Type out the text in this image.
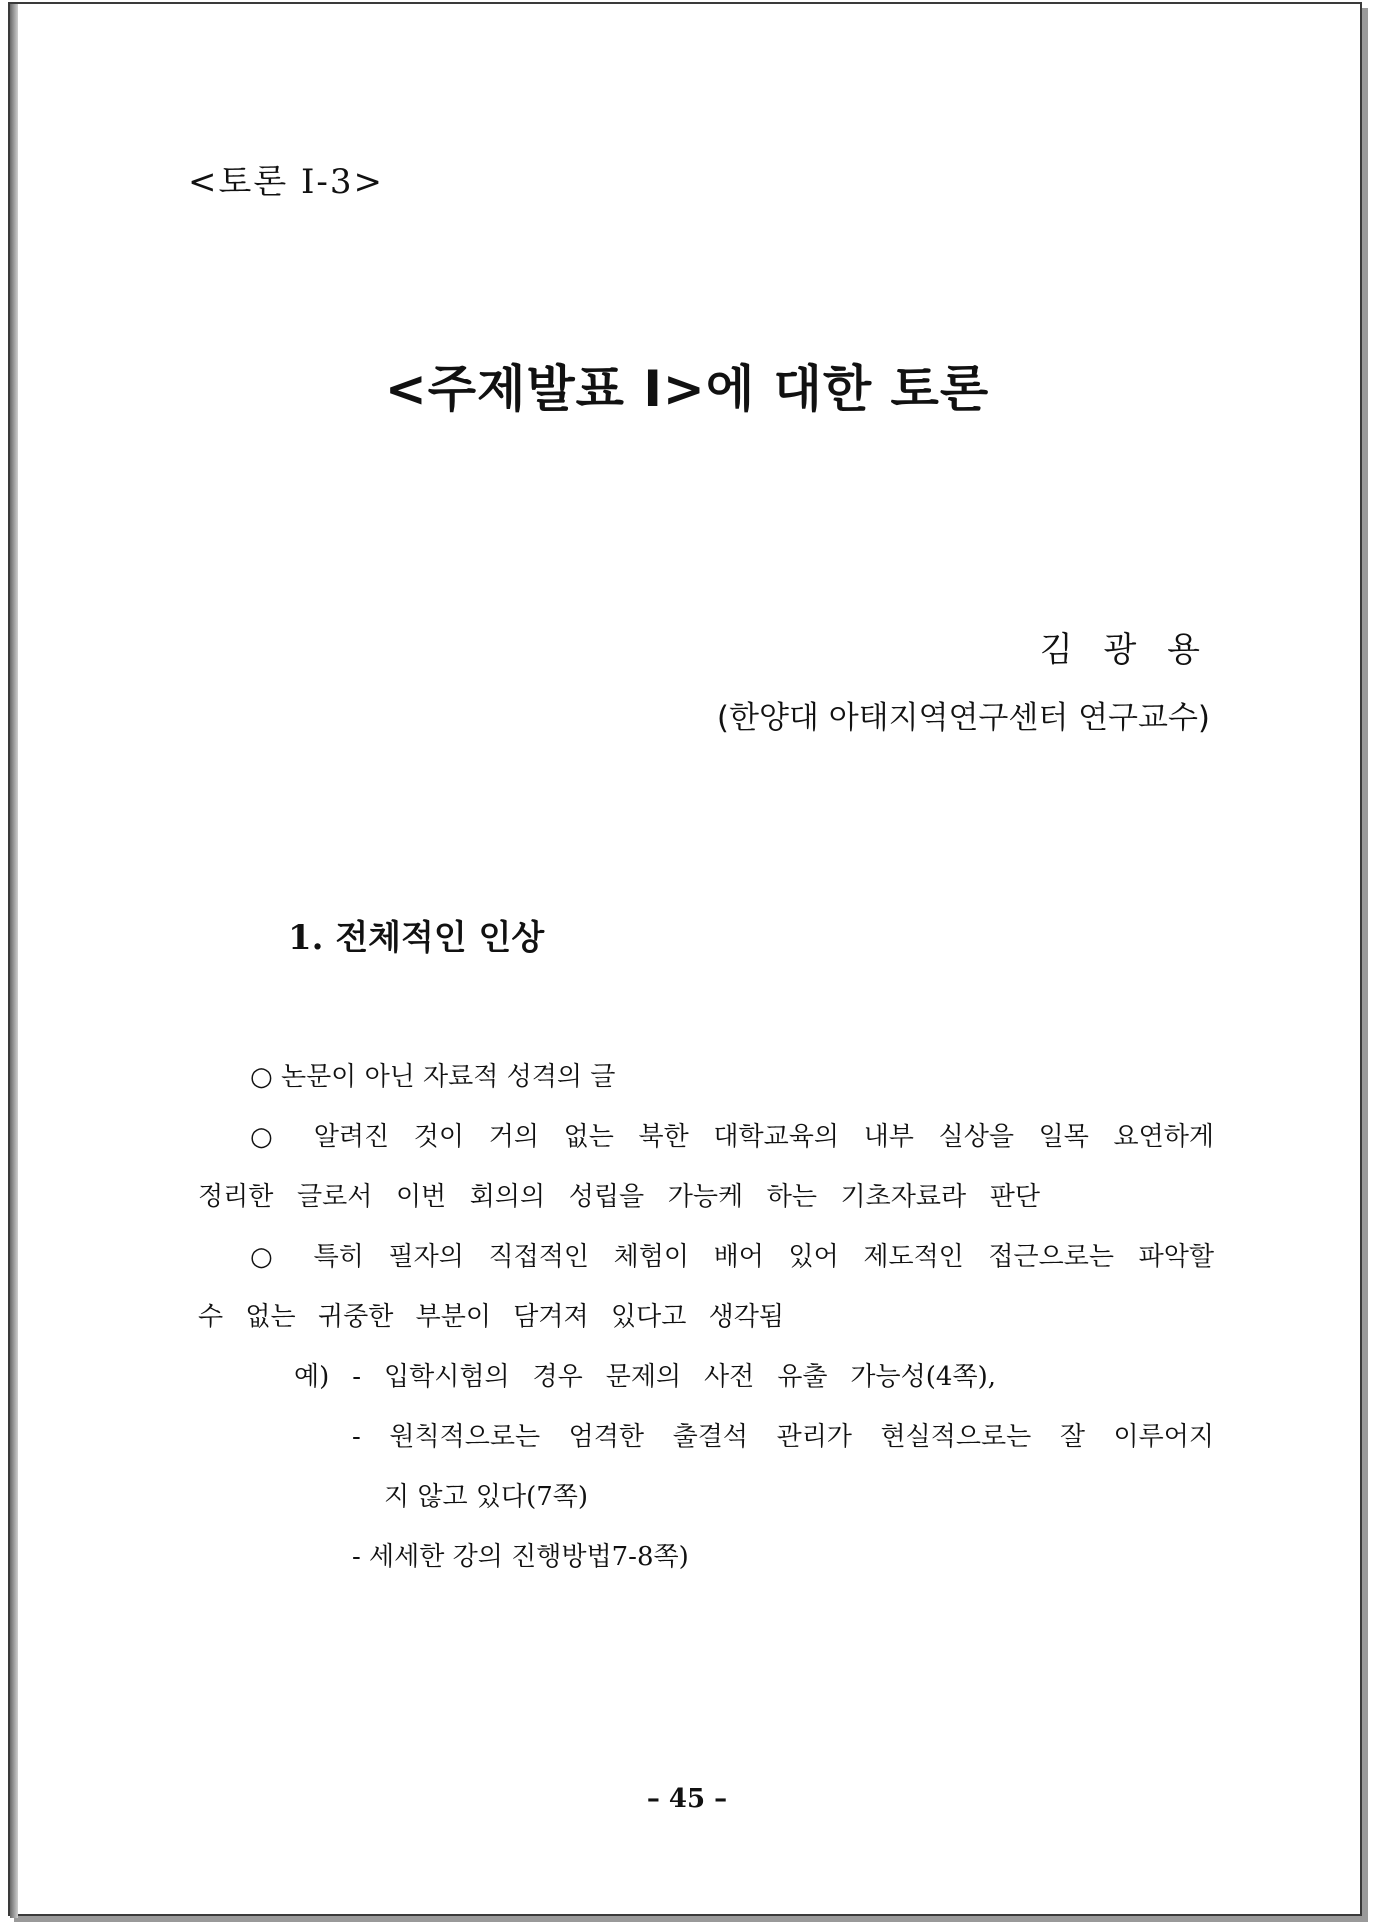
<토론 Ⅰ-3>
<주제발표 Ⅰ>에 대한 토론
김 광 용
(한양대 아태지역연구센터 연구교수)
1. 전체적인 인상
○ 논문이 아닌 자료적 성격의 글
○ 알려진 것이 거의 없는 북한 대학교육의 내부 실상을 일목 요연하게
정리한 글로서 이번 회의의 성립을 가능케 하는 기초자료라 판단
○ 특히 필자의 직접적인 체험이 배어 있어 제도적인 접근으로는 파악할
수 없는 귀중한 부분이 담겨져 있다고 생각됨
예) - 입학시험의 경우 문제의 사전 유출 가능성(4쪽),
- 원칙적으로는 엄격한 출결석 관리가 현실적으로는 잘 이루어지
지 않고 있다(7쪽)
- 세세한 강의 진행방법7-8쪽)
– 45 –
